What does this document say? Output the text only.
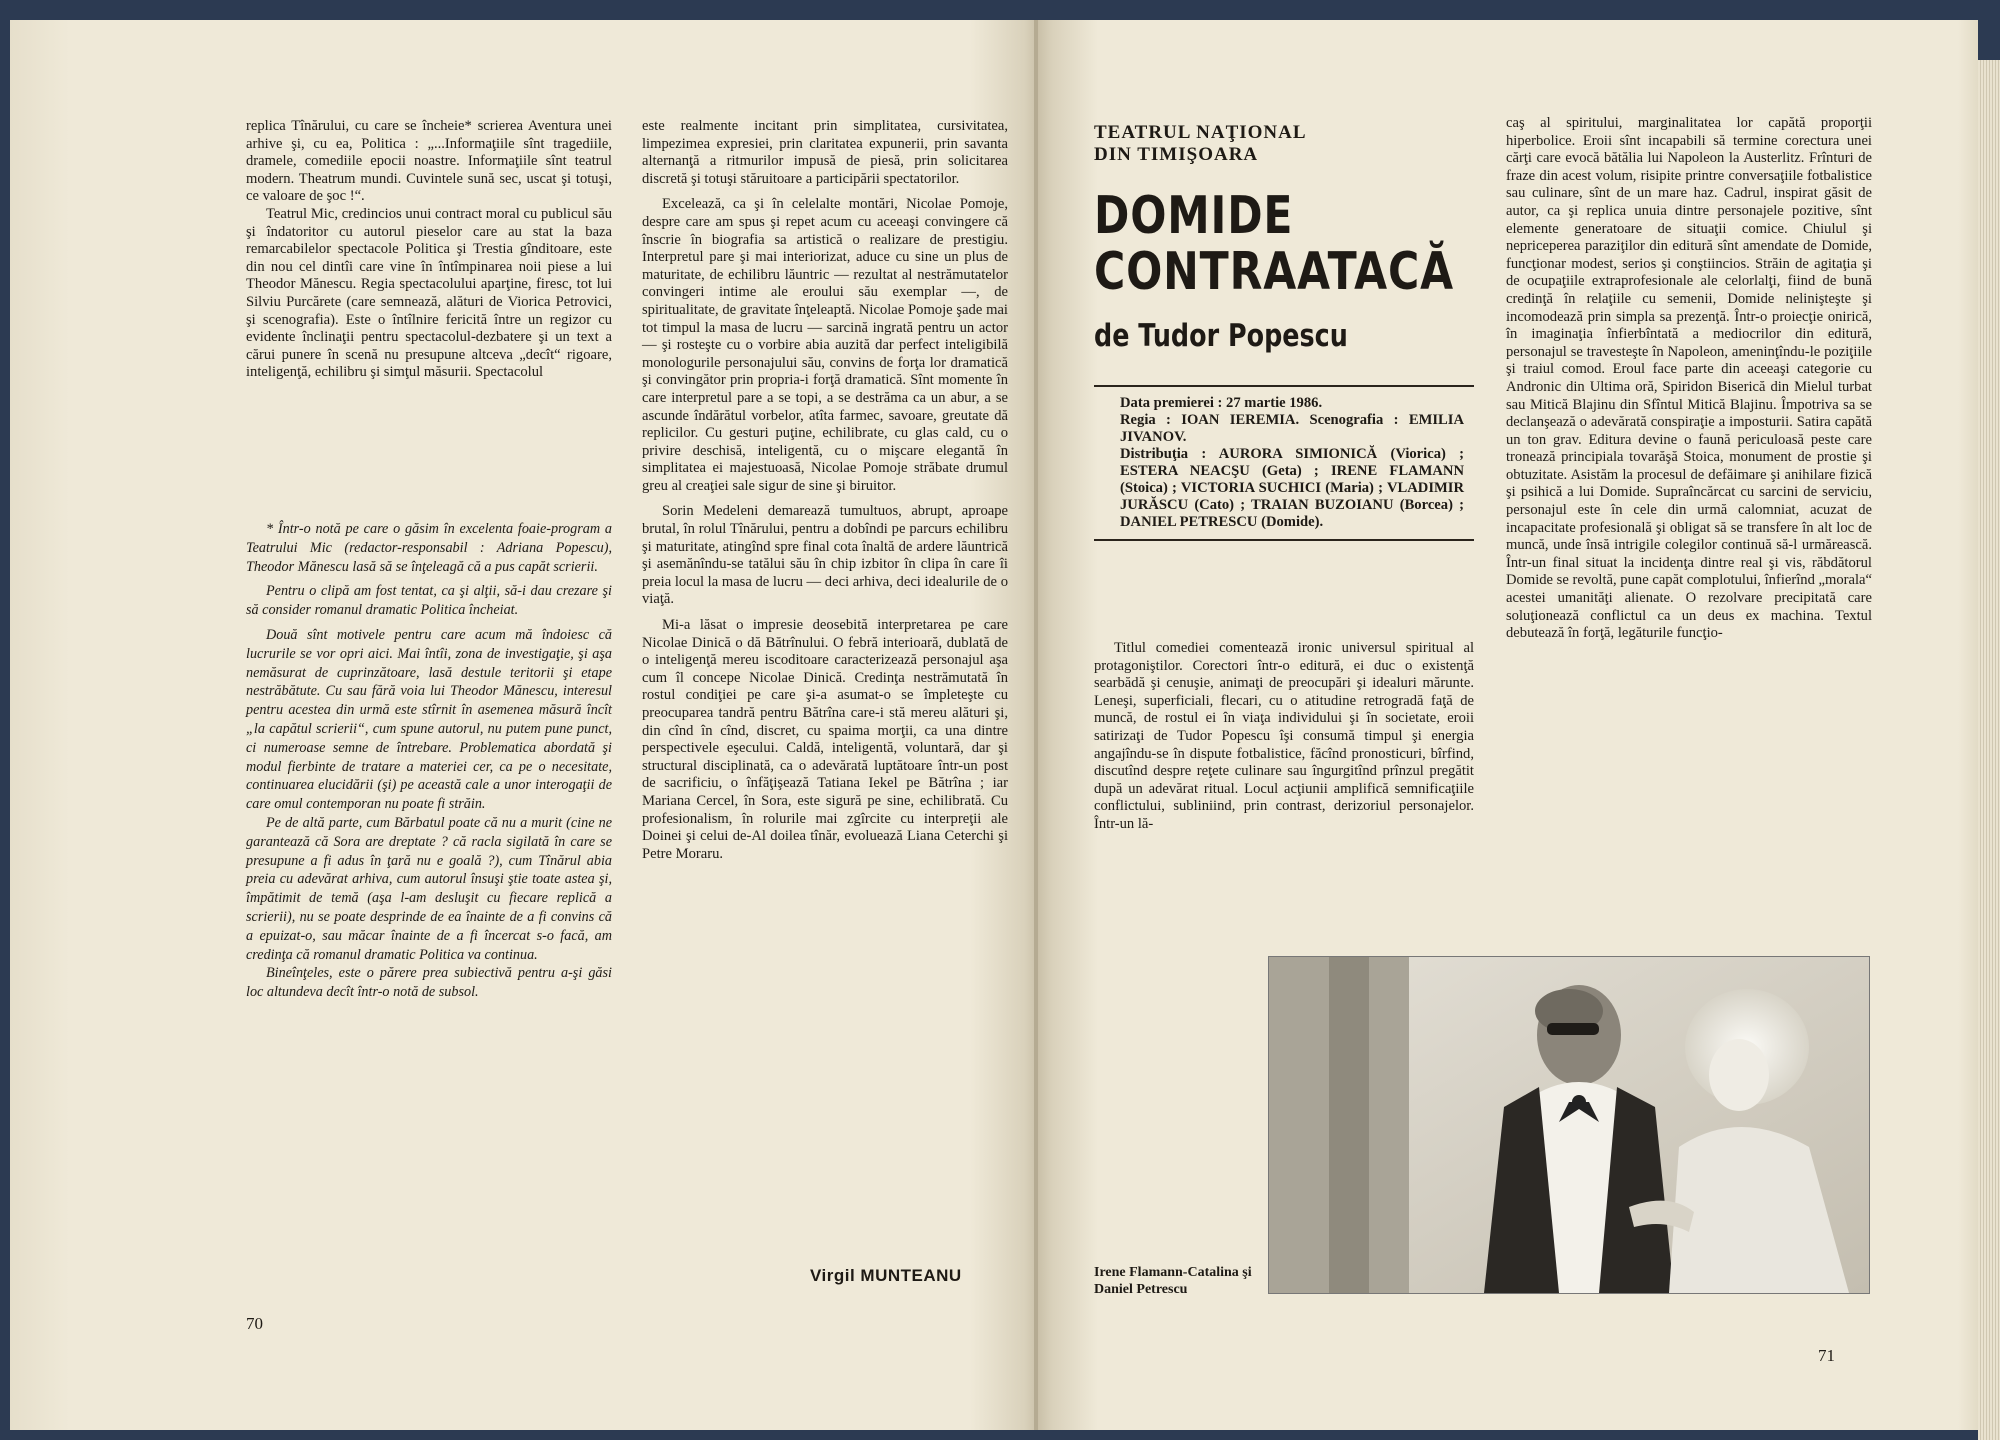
replica Tînărului, cu care se încheie* scrierea Aventura unei arhive şi, cu ea, Politica : „...Informaţiile sînt tragediile, dramele, comediile epocii noastre. Informaţiile sînt teatrul modern. Theatrum mundi. Cuvintele sună sec, uscat şi totuşi, ce valoare de şoc !“.

Teatrul Mic, credincios unui contract moral cu publicul său şi îndatoritor cu autorul pieselor care au stat la baza remarcabilelor spectacole Politica şi Trestia gînditoare, este din nou cel dintîi care vine în întîmpinarea noii piese a lui Theodor Mănescu. Regia spectacolului aparţine, firesc, tot lui Silviu Purcărete (care semnează, alături de Viorica Petrovici, şi scenografia). Este o întîlnire fericită între un regizor cu evidente înclinaţii pentru spectacolul-dezbatere şi un text a cărui punere în scenă nu presupune altceva „decît“ rigoare, inteligenţă, echilibru şi simţul măsurii. Spectacolul

* Într-o notă pe care o găsim în excelenta foaie-program a Teatrului Mic (redactor-responsabil : Adriana Popescu), Theodor Mănescu lasă să se înţeleagă că a pus capăt scrierii.

Pentru o clipă am fost tentat, ca şi alţii, să-i dau crezare şi să consider romanul dramatic Politica încheiat.

Două sînt motivele pentru care acum mă îndoiesc că lucrurile se vor opri aici. Mai întîi, zona de investigaţie, şi aşa nemăsurat de cuprinzătoare, lasă destule teritorii şi etape nestrăbătute. Cu sau fără voia lui Theodor Mănescu, interesul pentru acestea din urmă este stîrnit în asemenea măsură încît „la capătul scrierii“, cum spune autorul, nu putem pune punct, ci numeroase semne de întrebare. Problematica abordată şi modul fierbinte de tratare a materiei cer, ca pe o necesitate, continuarea elucidării (şi) pe această cale a unor interogaţii de care omul contemporan nu poate fi străin.

Pe de altă parte, cum Bărbatul poate că nu a murit (cine ne garantează că Sora are dreptate ? că racla sigilată în care se presupune a fi adus în ţară nu e goală ?), cum Tînărul abia preia cu adevărat arhiva, cum autorul însuşi ştie toate astea şi, împătimit de temă (aşa l-am desluşit cu fiecare replică a scrierii), nu se poate desprinde de ea înainte de a fi convins că a epuizat-o, sau măcar înainte de a fi încercat s-o facă, am credinţa că romanul dramatic Politica va continua.

Bineînţeles, este o părere prea subiectivă pentru a-şi găsi loc altundeva decît într-o notă de subsol.

este realmente incitant prin simplitatea, cursivitatea, limpezimea expresiei, prin claritatea expunerii, prin savanta alternanţă a ritmurilor impusă de piesă, prin solicitarea discretă şi totuşi stăruitoare a participării spectatorilor.

Excelează, ca şi în celelalte montări, Nicolae Pomoje, despre care am spus şi repet acum cu aceeaşi convingere că înscrie în biografia sa artistică o realizare de prestigiu. Interpretul pare şi mai interiorizat, aduce cu sine un plus de maturitate, de echilibru lăuntric — rezultat al nestrămutatelor convingeri intime ale eroului său exemplar —, de spiritualitate, de gravitate înţeleaptă. Nicolae Pomoje şade mai tot timpul la masa de lucru — sarcină ingrată pentru un actor — şi rosteşte cu o vorbire abia auzită dar perfect inteligibilă monologurile personajului său, convins de forţa lor dramatică şi convingător prin propria-i forţă dramatică. Sînt momente în care interpretul pare a se topi, a se destrăma ca un abur, a se ascunde îndărătul vorbelor, atîta farmec, savoare, greutate dă replicilor. Cu gesturi puţine, echilibrate, cu glas cald, cu o privire deschisă, inteligentă, cu o mişcare elegantă în simplitatea ei majestuoasă, Nicolae Pomoje străbate drumul greu al creaţiei sale sigur de sine şi biruitor.

Sorin Medeleni demarează tumultuos, abrupt, aproape brutal, în rolul Tînărului, pentru a dobîndi pe parcurs echilibru şi maturitate, atingînd spre final cota înaltă de ardere lăuntrică şi asemănîndu-se tatălui său în chip izbitor în clipa în care îi preia locul la masa de lucru — deci arhiva, deci idealurile de o viaţă.

Mi-a lăsat o impresie deosebită interpretarea pe care Nicolae Dinică o dă Bătrînului. O febră interioară, dublată de o inteligenţă mereu iscoditoare caracterizează personajul aşa cum îl concepe Nicolae Dinică. Credinţa nestrămutată în rostul condiţiei pe care şi-a asumat-o se împleteşte cu preocuparea tandră pentru Bătrîna care-i stă mereu alături şi, din cînd în cînd, discret, cu spaima morţii, ca una dintre perspectivele eşecului. Caldă, inteligentă, voluntară, dar şi structural disciplinată, ca o adevărată luptătoare într-un post de sacrificiu, o înfăţişează Tatiana Iekel pe Bătrîna ; iar Mariana Cercel, în Sora, este sigură pe sine, echilibrată. Cu profesionalism, în rolurile mai zgîrcite cu interpreţii ale Doinei şi celui de-Al doilea tînăr, evoluează Liana Ceterchi şi Petre Moraru.

Virgil MUNTEANU
70
TEATRUL NAŢIONAL
DIN TIMIŞOARA
DOMIDE
CONTRAATACĂ
de Tudor Popescu
Data premierei : 27 martie 1986.
Regia : IOAN IEREMIA. Scenografia : EMILIA JIVANOV.
Distribuţia : AURORA SIMIONICĂ (Viorica) ; ESTERA NEACŞU (Geta) ; IRENE FLAMANN (Stoica) ; VICTORIA SUCHICI (Maria) ; VLADIMIR JURĂSCU (Cato) ; TRAIAN BUZOIANU (Borcea) ; DANIEL PETRESCU (Domide).

Titlul comediei comentează ironic universul spiritual al protagoniştilor. Corectori într-o editură, ei duc o existenţă searbădă şi cenuşie, animaţi de preocupări şi idealuri mărunte. Leneşi, superficiali, flecari, cu o atitudine retrogradă faţă de muncă, de rostul ei în viaţa individului şi în societate, eroii satirizaţi de Tudor Popescu îşi consumă timpul şi energia angajîndu-se în dispute fotbalistice, făcînd pronosticuri, bîrfind, discutînd despre reţete culinare sau îngurgitînd prînzul pregătit după un adevărat ritual. Locul acţiunii amplifică semnificaţiile conflictului, subliniind, prin contrast, derizoriul personajelor. Într-un lă-

caş al spiritului, marginalitatea lor capătă proporţii hiperbolice. Eroii sînt incapabili să termine corectura unei cărţi care evocă bătălia lui Napoleon la Austerlitz. Frînturi de fraze din acest volum, risipite printre conversaţiile fotbalistice sau culinare, sînt de un mare haz. Cadrul, inspirat găsit de autor, ca şi replica unuia dintre personajele pozitive, sînt elemente generatoare de situaţii comice. Chiulul şi nepriceperea paraziţilor din editură sînt amendate de Domide, funcţionar modest, serios şi conştiincios. Străin de agitaţia şi de ocupaţiile extraprofesionale ale celorlalţi, fiind de bună credinţă în relaţiile cu semenii, Domide nelinişteşte şi incomodează prin simpla sa prezenţă. Într-o proiecţie onirică, în imaginaţia înfierbîntată a mediocrilor din editură, personajul se travesteşte în Napoleon, ameninţîndu-le poziţiile şi traiul comod. Eroul face parte din aceeaşi categorie cu Andronic din Ultima oră, Spiridon Biserică din Mielul turbat sau Mitică Blajinu din Sfîntul Mitică Blajinu. Împotriva sa se declanşează o adevărată conspiraţie a imposturii. Satira capătă un ton grav. Editura devine o faună periculoasă peste care tronează principiala tovarăşă Stoica, monument de prostie şi obtuzitate. Asistăm la procesul de defăimare şi anihilare fizică şi psihică a lui Domide. Supraîncărcat cu sarcini de serviciu, personajul este în cele din urmă calomniat, acuzat de incapacitate profesională şi obligat să se transfere în alt loc de muncă, unde însă intrigile colegilor continuă să-l urmărească. Într-un final situat la incidenţa dintre real şi vis, răbdătorul Domide se revoltă, pune capăt complotului, înfierînd „morala“ acestei umanităţi alienate. O rezolvare precipitată care soluţionează conflictul ca un deus ex machina. Textul debutează în forţă, legăturile funcţio-

Irene Flamann-Catalina şi Daniel Petrescu
71
